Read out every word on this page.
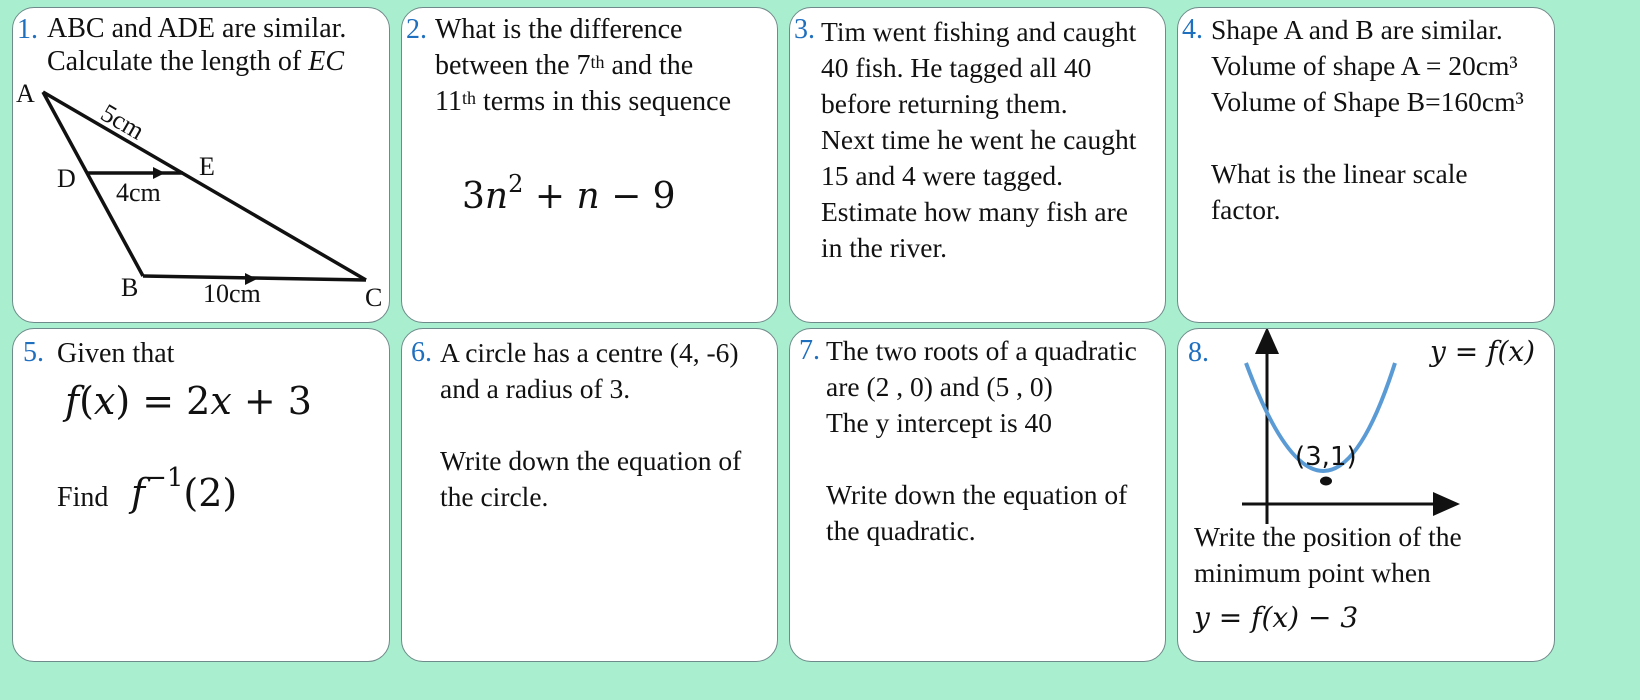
1. ABC and ADE are similar.
Calculate the length of EC
A
D	E
B	C
5cm
4cm
10cm
2. What is the difference
between the 7th and the
11th terms in this sequence
$3n^2 + n - 9$
3. Tim went fishing and caught
40 fish. He tagged all 40
before returning them.
Next time he went he caught
15 and 4 were tagged.
Estimate how many fish are
in the river.
4. Shape A and B are similar.
Volume of shape A = 20cm³
Volume of Shape B=160cm³
What is the linear scale
factor.
5. Given that
f(x) = 2x + 3
Find $f^{-1}(2)$
6. A circle has a centre (4, -6)
and a radius of 3.
Write down the equation of
the circle.
7. The two roots of a quadratic
are (2 , 0) and (5 , 0)
The y intercept is 40
Write down the equation of
the quadratic.
8.	y = f(x)
(3,1)
Write the position of the
minimum point when
y = f(x) − 3
